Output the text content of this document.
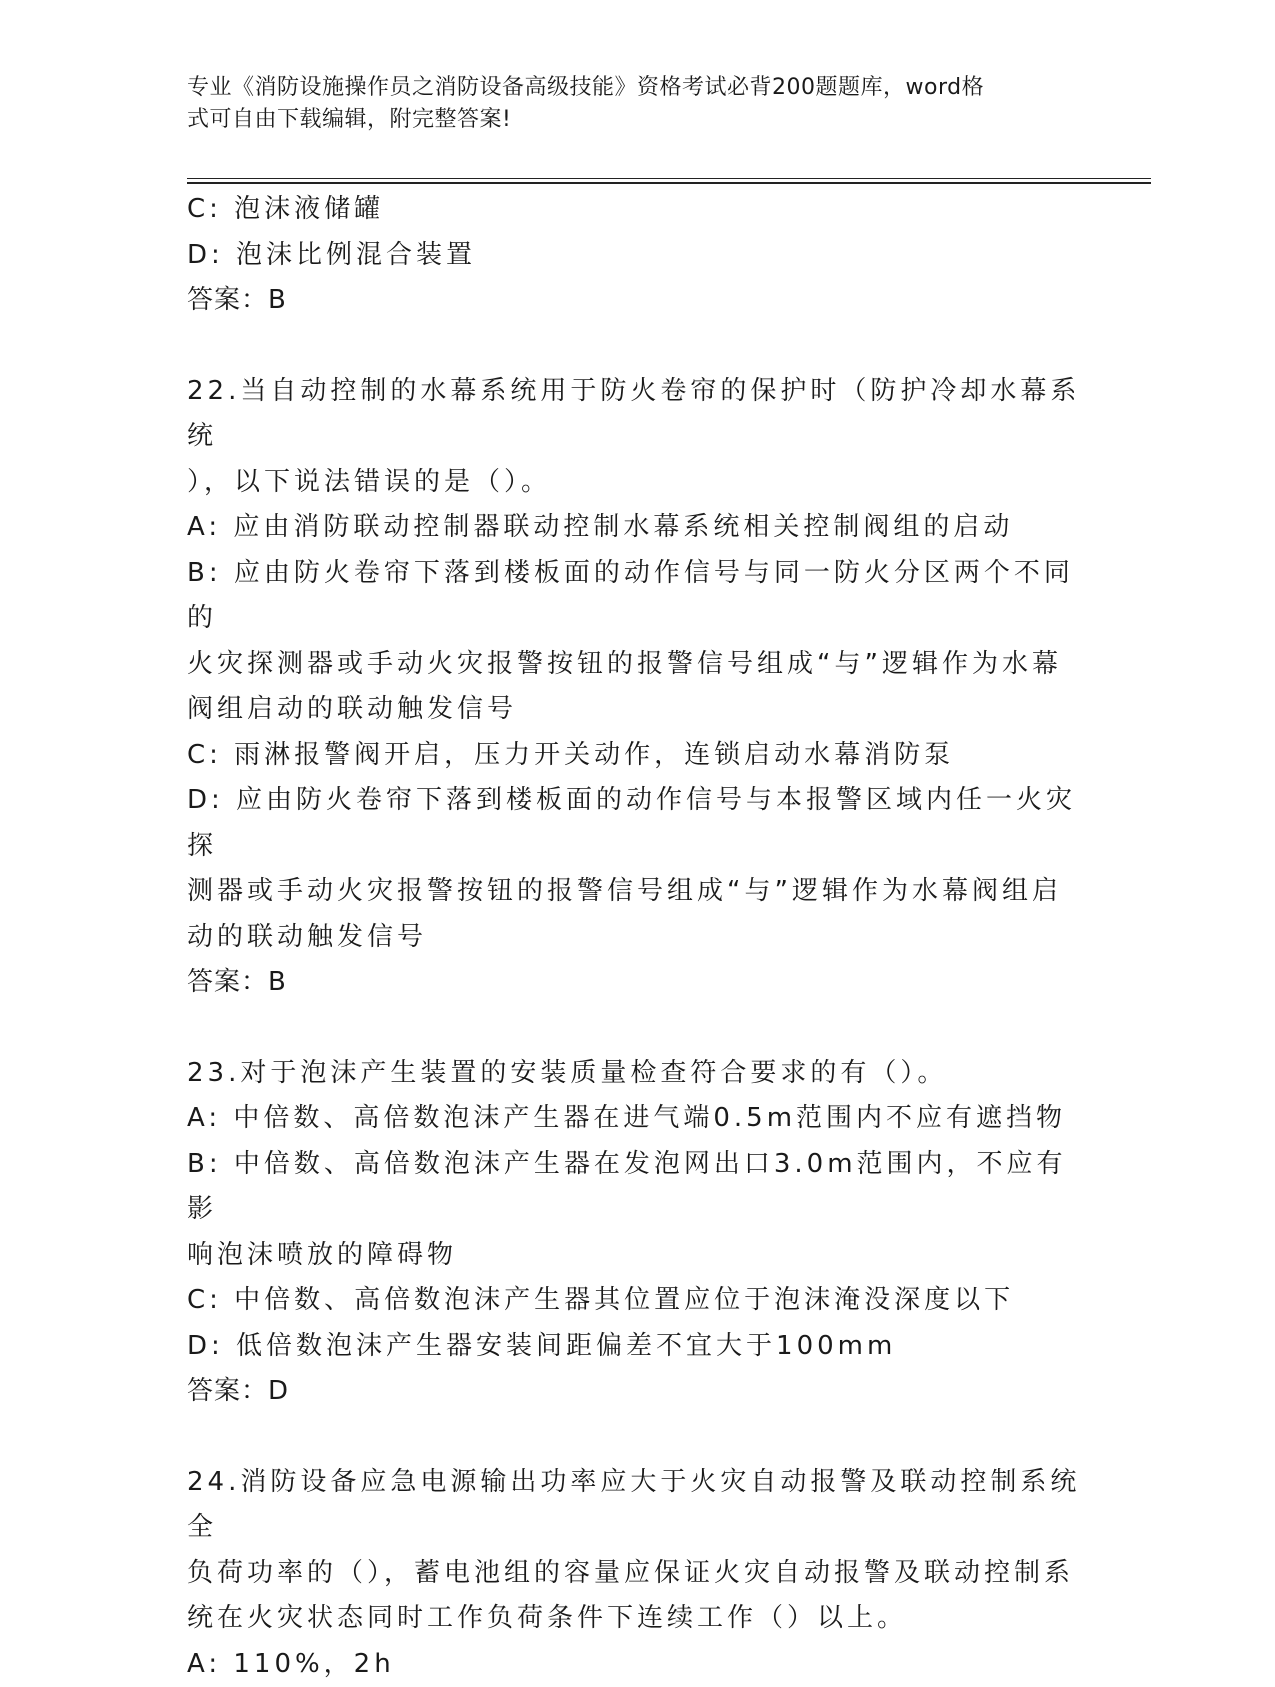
专业《消防设施操作员之消防设备高级技能》资格考试必背200题题库，word格
式可自由下载编辑，附完整答案!
C: 泡沫液储罐
D: 泡沫比例混合装置
答案：B
22.当自动控制的水幕系统用于防火卷帘的保护时（防护冷却水幕系统
），以下说法错误的是（）。
A: 应由消防联动控制器联动控制水幕系统相关控制阀组的启动
B: 应由防火卷帘下落到楼板面的动作信号与同一防火分区两个不同的
火灾探测器或手动火灾报警按钮的报警信号组成“与”逻辑作为水幕
阀组启动的联动触发信号
C: 雨淋报警阀开启，压力开关动作，连锁启动水幕消防泵
D: 应由防火卷帘下落到楼板面的动作信号与本报警区域内任一火灾探
测器或手动火灾报警按钮的报警信号组成“与”逻辑作为水幕阀组启
动的联动触发信号
答案：B
23.对于泡沫产生装置的安装质量检查符合要求的有（）。
A: 中倍数、高倍数泡沫产生器在进气端0.5m范围内不应有遮挡物
B: 中倍数、高倍数泡沫产生器在发泡网出口3.0m范围内，不应有影
响泡沫喷放的障碍物
C: 中倍数、高倍数泡沫产生器其位置应位于泡沫淹没深度以下
D: 低倍数泡沫产生器安装间距偏差不宜大于100mm
答案：D
24.消防设备应急电源输出功率应大于火灾自动报警及联动控制系统全
负荷功率的（），蓄电池组的容量应保证火灾自动报警及联动控制系
统在火灾状态同时工作负荷条件下连续工作（）以上。
A: 110%，2h
